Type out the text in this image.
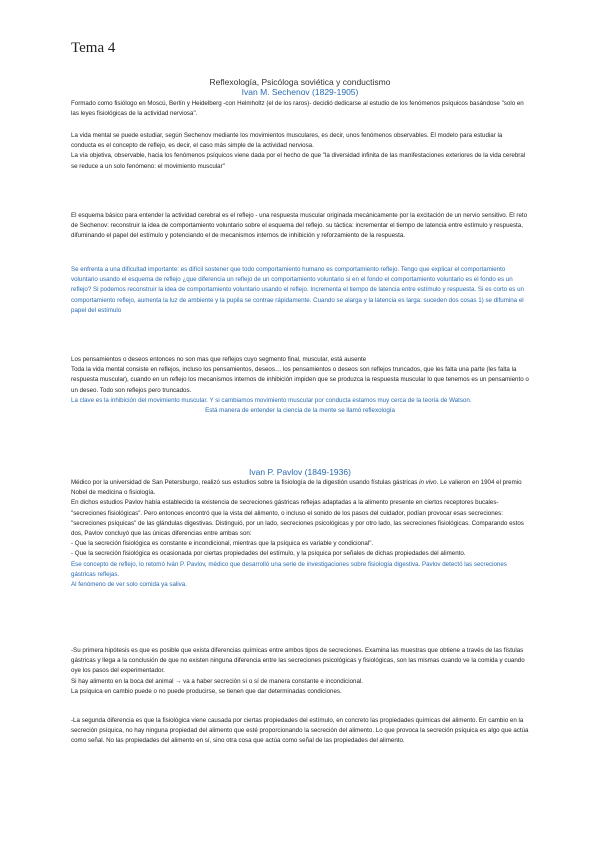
Tema 4
Reflexología, Psicóloga soviética y conductismo
Ivan M. Sechenov (1829-1905)

Formado como fisiólogo en Moscú, Berlín y Heidelberg -con Helmholtz (el de los raros)- decidió dedicarse al estudio de los fenómenos psíquicos basándose "solo en las leyes fisiológicas de la actividad nerviosa".

La vida mental se puede estudiar, según Sechenov mediante los movimientos musculares, es decir, unos fenómenos observables. El modelo para estudiar la conducta es el concepto de reflejo, es decir, el caso más simple de la actividad nerviosa.

La vía objetiva, observable, hacia los fenómenos psíquicos viene dada por el hecho de que "la diversidad infinita de las manifestaciones exteriores de la vida cerebral se reduce a un solo fenómeno: el movimiento muscular"

El esquema básico para entender la actividad cerebral es el reflejo - una respuesta muscular originada mecánicamente por la excitación de un nervio sensitivo. El reto de Sechenov: reconstruir la idea de comportamiento voluntario sobre el esquema del reflejo. su táctica: incrementar el tiempo de latencia entre estímulo y respuesta, difuminando el papel del estímulo y potenciando el de mecanismos internos de inhibición y reforzamiento de la respuesta.

Se enfrenta a una dificultad importante: es difícil sostener que todo comportamiento humano es comportamiento reflejo. Tengo que explicar el comportamiento voluntario usando el esquema de reflejo ¿que diferencia un reflejo de un comportamiento voluntario si en el fondo el comportamiento voluntario es el fondo es un reflejo? Si podemos reconstruir la idea de comportamiento voluntario usando el reflejo. Incrementa el tiempo de latencia entre estímulo y respuesta. Si es corto es un comportamiento reflejo, aumenta la luz de ambiente y la pupila se contrae rápidamente. Cuando se alarga y la latencia es larga: suceden dos cosas 1) se difumina el papel del estímulo

Los pensamientos o deseos entonces no son mas que reflejos cuyo segmento final, muscular, está ausente

Toda la vida mental consiste en reflejos, incluso los pensamientos, deseos… los pensamientos o deseos son reflejos truncados, que les falta una parte (les falta la respuesta muscular), cuando en un reflejo los mecanismos internos de inhibición impiden que se produzca la respuesta muscular lo que tenemos es un pensamiento o un deseo. Todo son reflejos pero truncados.

La clave es la inhibición del movimiento muscular. Y si cambiamos movimiento muscular por conducta estamos muy cerca de la teoría de Watson.

Está manera de entender la ciencia de la mente se llamó reflexología

Ivan P. Pavlov (1849-1936)

Médico por la universidad de San Petersburgo, realizó sus estudios sobre la fisiología de la digestión usando fístulas gástricas in vivo. Le valieron en 1904 el premio Nobel de medicina o fisiología.

En dichos estudios Pavlov había establecido la existencia de secreciones gástricas reflejas adaptadas a la alimento presente en ciertos receptores bucales- "secreciones fisiológicas". Pero entonces encontró que la vista del alimento, o incluso el sonido de los pasos del cuidador, podían provocar esas secreciones:

"secreciones psíquicas" de las glándulas digestivas. Distinguió, por un lado, secreciones psicológicas y por otro lado, las secreciones fisiológicas. Comparando estos dos, Pavlov concluyó que las únicas diferencias entre ambas son:

- Que la secreción fisiológica es constante e incondicional, mientras que la psíquica es variable y condicional".

- Que la secreción fisiológica es ocasionada por ciertas propiedades del estímulo, y la psíquica por señales de dichas propiedades del alimento.

Ese concepto de reflejo, lo retomó Iván P. Pavlov, médico que desarrolló una serie de investigaciones sobre fisiología digestiva. Pavlov detectó las secreciones gástricas reflejas.

Al fenómeno de ver solo comida ya saliva.

-Su primera hipótesis es que es posible que exista diferencias químicas entre ambos tipos de secreciones. Examina las muestras que obtiene a través de las fístulas gástricas y llega a la conclusión de que no existen ninguna diferencia entre las secreciones psicológicas y fisiológicas, son las mismas cuando ve la comida y cuando oye los pasos del experimentador.

Si hay alimento en la boca del animal → va a haber secreción sí o sí de manera constante e incondicional.

La psíquica en cambio puede o no puede producirse, se tienen que dar determinadas condiciones.

-La segunda diferencia es que la fisiológica viene causada por ciertas propiedades del estímulo, en concreto las propiedades químicas del alimento. En cambio en la secreción psíquica, no hay ninguna propiedad del alimento que esté proporcionando la secreción del alimento. Lo que provoca la secreción psíquica es algo que actúa como señal. No las propiedades del alimento en sí, sino otra cosa que actúa como señal de las propiedades del alimento.
